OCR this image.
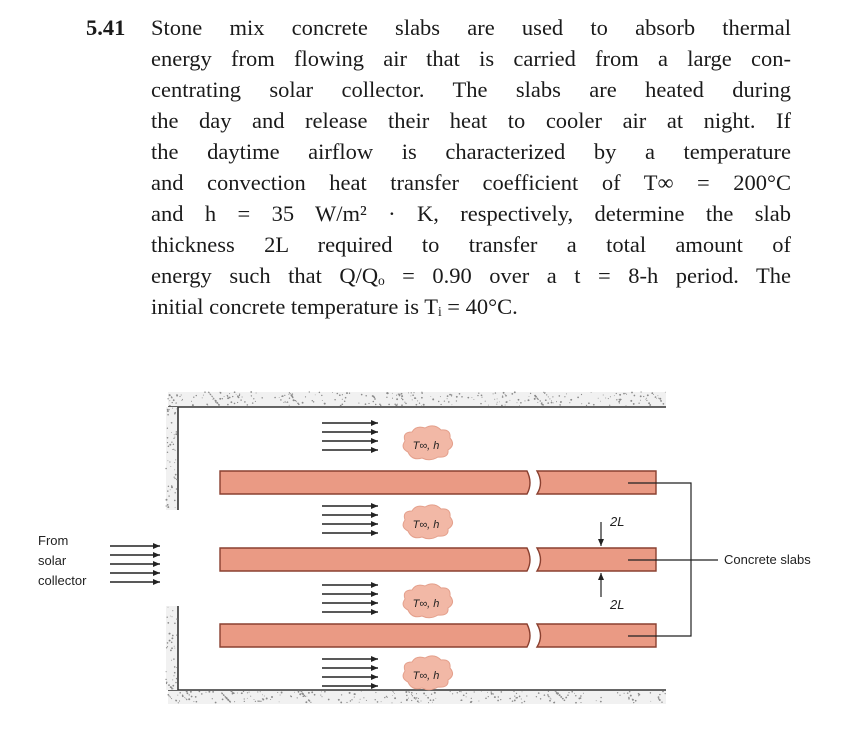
5.41 Stone mix concrete slabs are used to absorb thermal
energy from flowing air that is carried from a large con-
centrating solar collector. The slabs are heated during
the day and release their heat to cooler air at night. If
the daytime airflow is characterized by a temperature
and convection heat transfer coefficient of T∞ = 200°C
and h = 35 W/m² · K, respectively, determine the slab
thickness 2L required to transfer a total amount of
energy such that Q/Qₒ = 0.90 over a t = 8-h period. The
initial concrete temperature is Tᵢ = 40°C.
T∞, h
T∞, h
T∞, h
T∞, h
2L
2L
Concrete slabs
From
solar
collector
